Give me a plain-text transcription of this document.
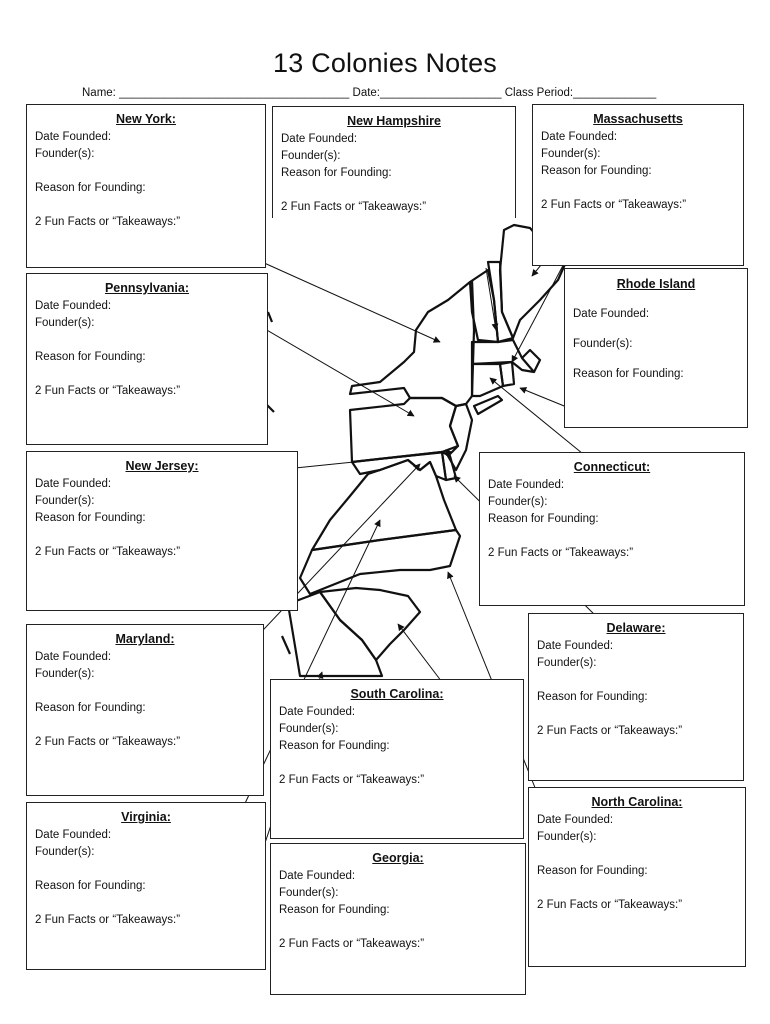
13 Colonies Notes
Name: ____________________________________ Date:___________________ Class Period:_____________
New York:
Date Founded:
Founder(s):
Reason for Founding:
2 Fun Facts or “Takeaways:”
New Hampshire
Date Founded:
Founder(s):
Reason for Founding:
2 Fun Facts or “Takeaways:”
Massachusetts
Date Founded:
Founder(s):
Reason for Founding:
2 Fun Facts or “Takeaways:”
Pennsylvania:
Date Founded:
Founder(s):
Reason for Founding:
2 Fun Facts or “Takeaways:”
Rhode Island
Date Founded:
Founder(s):
Reason for Founding:
New Jersey:
Date Founded:
Founder(s):
Reason for Founding:
2 Fun Facts or “Takeaways:”
Connecticut:
Date Founded:
Founder(s):
Reason for Founding:
2 Fun Facts or “Takeaways:”
Maryland:
Date Founded:
Founder(s):
Reason for Founding:
2 Fun Facts or “Takeaways:”
Delaware:
Date Founded:
Founder(s):
Reason for Founding:
2 Fun Facts or “Takeaways:”
South Carolina:
Date Founded:
Founder(s):
Reason for Founding:
2 Fun Facts or “Takeaways:”
Virginia:
Date Founded:
Founder(s):
Reason for Founding:
2 Fun Facts or “Takeaways:”
North Carolina:
Date Founded:
Founder(s):
Reason for Founding:
2 Fun Facts or “Takeaways:”
Georgia:
Date Founded:
Founder(s):
Reason for Founding:
2 Fun Facts or “Takeaways:”
